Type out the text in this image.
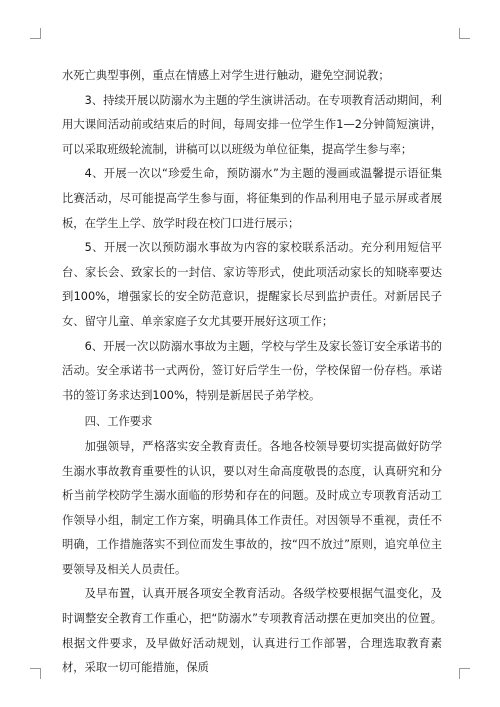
水死亡典型事例，重点在情感上对学生进行触动，避免空洞说教；

3、持续开展以防溺水为主题的学生演讲活动。在专项教育活动期间，利用大课间活动前或结束后的时间，每周安排一位学生作1—2分钟简短演讲，可以采取班级轮流制，讲稿可以以班级为单位征集，提高学生参与率；

4、开展一次以“珍爱生命，预防溺水”为主题的漫画或温馨提示语征集比赛活动，尽可能提高学生参与面，将征集到的作品利用电子显示屏或者展板，在学生上学、放学时段在校门口进行展示；

5、开展一次以预防溺水事故为内容的家校联系活动。充分利用短信平台、家长会、致家长的一封信、家访等形式，使此项活动家长的知晓率要达到100%，增强家长的安全防范意识，提醒家长尽到监护责任。对新居民子女、留守儿童、单亲家庭子女尤其要开展好这项工作；

6、开展一次以防溺水事故为主题，学校与学生及家长签订安全承诺书的活动。安全承诺书一式两份，签订好后学生一份，学校保留一份存档。承诺书的签订务求达到100%，特别是新居民子弟学校。

四、工作要求

加强领导，严格落实安全教育责任。各地各校领导要切实提高做好防学生溺水事故教育重要性的认识，要以对生命高度敬畏的态度，认真研究和分析当前学校防学生溺水面临的形势和存在的问题。及时成立专项教育活动工作领导小组，制定工作方案，明确具体工作责任。对因领导不重视，责任不明确，工作措施落实不到位而发生事故的，按“四不放过”原则，追究单位主要领导及相关人员责任。

及早布置，认真开展各项安全教育活动。各级学校要根据气温变化，及时调整安全教育工作重心，把“防溺水”专项教育活动摆在更加突出的位置。根据文件要求，及早做好活动规划，认真进行工作部署，合理选取教育素材，采取一切可能措施，保质
